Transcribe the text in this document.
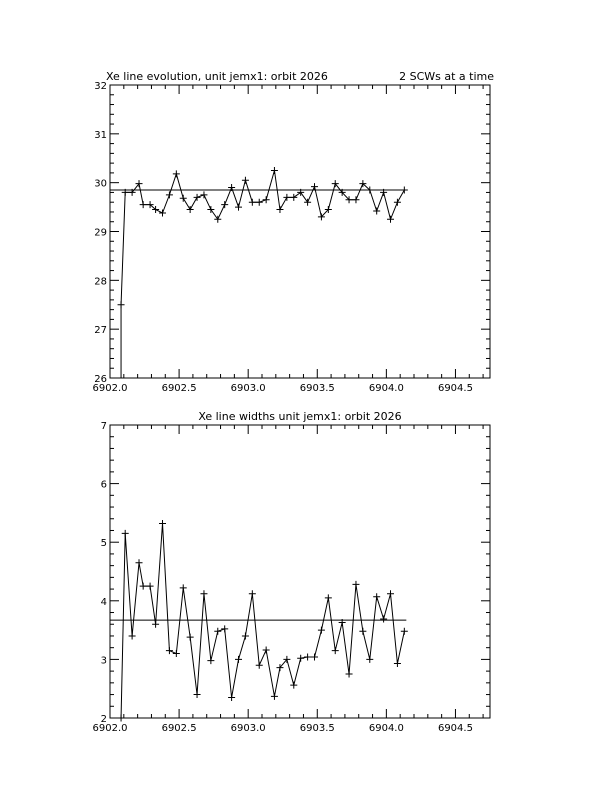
Xe line evolution, unit jemx1: orbit 2026	2 SCWs at a time
6902.0	6902.5	6903.0	6903.5	6904.0	6904.5
26
27
28
29
30
31
32
Xe line widths unit jemx1: orbit 2026
6902.0	6902.5	6903.0	6903.5	6904.0	6904.5
2
3
4
5
6
7
